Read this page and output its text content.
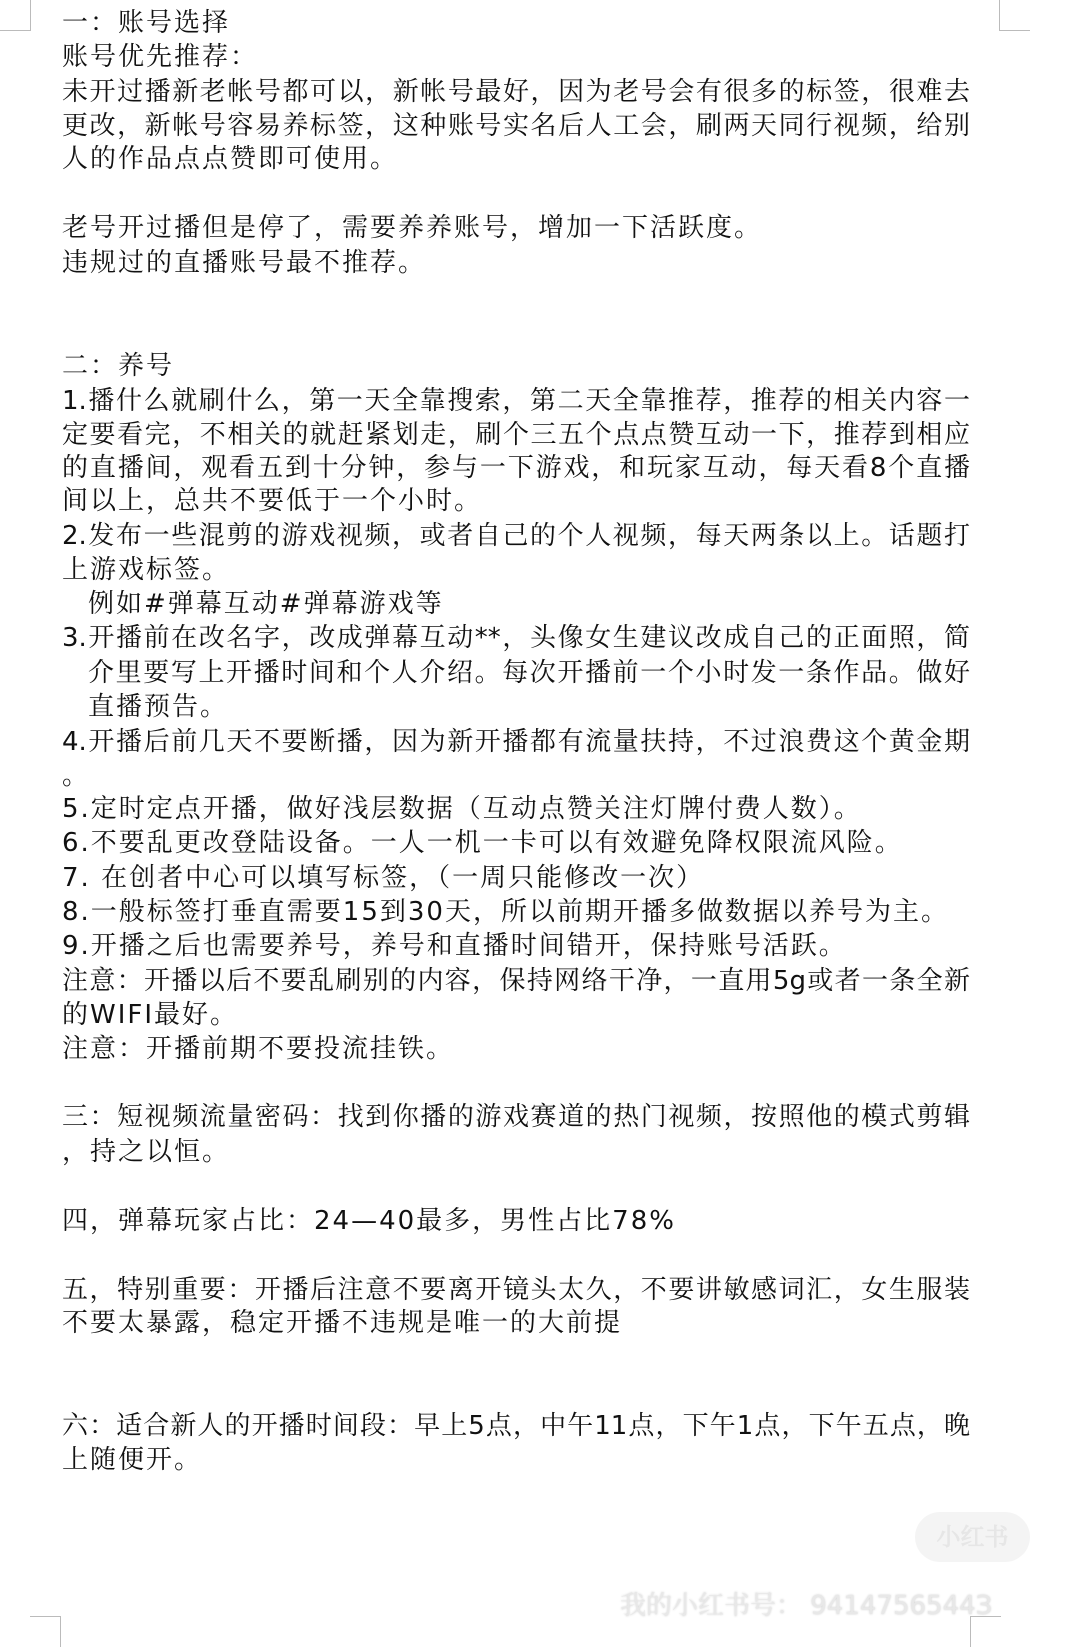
一：账号选择
账号优先推荐：
未开过播新老帐号都可以，新帐号最好，因为老号会有很多的标签，很难去
更改，新帐号容易养标签，这种账号实名后人工会，刷两天同行视频，给别
人的作品点点赞即可使用。
老号开过播但是停了，需要养养账号，增加一下活跃度。
违规过的直播账号最不推荐。
二：养号
1.播什么就刷什么，第一天全靠搜索，第二天全靠推荐，推荐的相关内容一
定要看完，不相关的就赶紧划走，刷个三五个点点赞互动一下，推荐到相应
的直播间，观看五到十分钟，参与一下游戏，和玩家互动，每天看8个直播
间以上，总共不要低于一个小时。
2.发布一些混剪的游戏视频，或者自己的个人视频，每天两条以上。话题打
上游戏标签。
例如#弹幕互动#弹幕游戏等
3.开播前在改名字，改成弹幕互动**，头像女生建议改成自己的正面照，简
介里要写上开播时间和个人介绍。每次开播前一个小时发一条作品。做好
直播预告。
4.开播后前几天不要断播，因为新开播都有流量扶持，不过浪费这个黄金期
。
5.定时定点开播，做好浅层数据（互动点赞关注灯牌付费人数）。
6.不要乱更改登陆设备。一人一机一卡可以有效避免降权限流风险。
7. 在创者中心可以填写标签，（一周只能修改一次）
8.一般标签打垂直需要15到30天，所以前期开播多做数据以养号为主。
9.开播之后也需要养号，养号和直播时间错开，保持账号活跃。
注意：开播以后不要乱刷别的内容，保持网络干净，一直用5g或者一条全新
的WIFI最好。
注意：开播前期不要投流挂铁。
三：短视频流量密码：找到你播的游戏赛道的热门视频，按照他的模式剪辑
，持之以恒。
四，弹幕玩家占比：24—40最多，男性占比78%
五，特别重要：开播后注意不要离开镜头太久，不要讲敏感词汇，女生服装
不要太暴露，稳定开播不违规是唯一的大前提
六：适合新人的开播时间段：早上5点，中午11点，下午1点，下午五点，晚
上随便开。
小红书
我的小红书号： 9414756544З
